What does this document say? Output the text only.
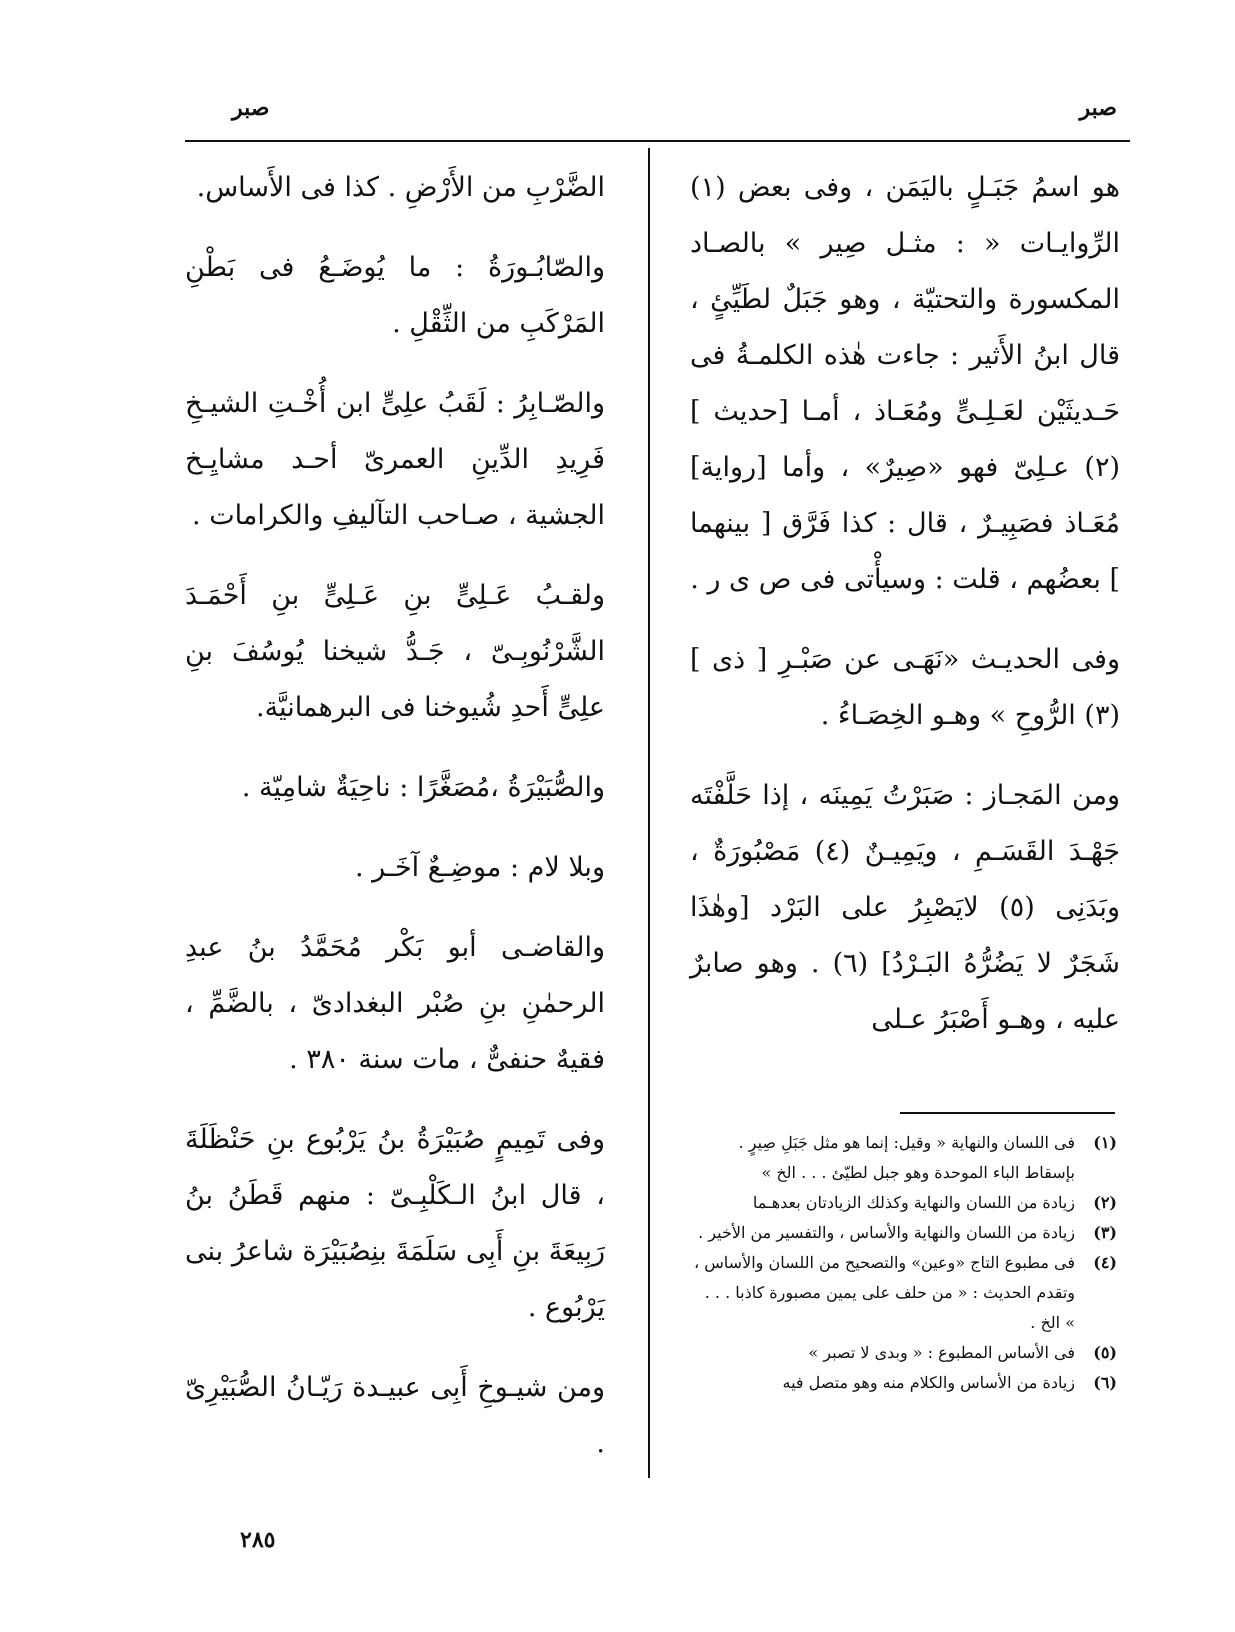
صبر
صبر

هو اسمُ جَبَـلٍ باليَمَن ، وفى بعض (١) الرِّوايـات « : مثـل صِير » بالصـاد المكسورة والتحتيّة ، وهو جَبَلٌ لطَيِّئٍ ، قال ابنُ الأَثير : جاءت هٰذه الكلمـةُ فى حَـديثَيْن لعَـلِـىٍّ ومُعَـاذ ، أمـا [حديث ] (٢) عـلِىّ فهو «صِيرٌ» ، وأما [رواية] مُعَـاذ فصَبِيـرٌ ، قال : كذا فَرَّق [ بينهما ] بعضُهم ، قلت : وسيأْتى فى ص ى ر .

وفى الحديـث «نَهَـى عن صَبْـرِ [ ذى ] (٣) الرُّوحِ » وهـو الخِصَـاءُ .

ومن المَجـاز : صَبَرْتُ يَمِينَه ، إذا حَلَّفْتَه جَهْـدَ القَسَـمِ ، ويَمِيـنٌ (٤) مَصْبُورَةٌ ، وبَدَنِى (٥) لايَصْبِرُ على البَرْد [وهٰذَا شَجَرٌ لا يَضُرُّهُ البَـرْدُ] (٦) . وهو صابرٌ عليه ، وهـو أَصْبَرُ عـلى

الضَّرْبِ من الأَرْضِ . كذا فى الأَساس.

والصّابُـورَةُ : ما يُوضَـعُ فى بَطْنِ المَرْكَبِ من الثِّقْلِ .

والصّـابِرُ : لَقَبُ علِىٍّ ابن أُخْـتِ الشيـخِ فَرِيدِ الدِّينِ العمرىّ أحـد مشايِـخ الجشية ، صـاحب التآليفِ والكرامات .

ولقـبُ عَـلِىٍّ بنِ عَـلِىٍّ بنِ أَحْمَـدَ الشَّرْنُوبِـىّ ، جَـدُّ شيخنا يُوسُفَ بنِ علِىٍّ أَحدِ شُيوخنا فى البرهمانيَّة.

والصُّبَيْرَةُ ،مُصَغَّرًا : ناحِيَةٌ شامِيّة .

وبلا لام : موضِـعٌ آخَـر .

والقاضـى أبو بَكْر مُحَمَّدُ بنُ عبدِ الرحمٰنِ بنِ صُبْر البغدادىّ ، بالضَّمِّ ، فقيهٌ حنفىٌّ ، مات سنة ٣٨٠ .

وفى تَمِيمٍ صُبَيْرَةُ بنُ يَرْبُوع بنِ حَنْظَلَةَ ، قال ابنُ الـكَلْبِـىّ : منهم قَطَنُ بنُ رَبِيعَةَ بنِ أَبِى سَلَمَةَ بنِصُبَيْرَة شاعرُ بنى يَرْبُوع .

ومن شيـوخِ أَبِى عبيـدة رَيّـانُ الصُّبَيْرِىّ .

(١)
فى اللسان والنهاية « وقيل: إنما هو مثل جَبَلِ صِيرٍ . بإسقاط الباء الموحدة وهو جبل لطيّئ . . . الخ »
(٢)
زيادة من اللسان والنهاية وكذلك الزيادتان بعدهـما
(٣)
زيادة من اللسان والنهاية والأساس ، والتفسير من الأخير .
(٤)
فى مطبوع التاج «وعين» والتصحيح من اللسان والأساس ، وتقدم الحديث : « من حلف على يمين مصبورة كاذبا . . . » الخ .
(٥)
فى الأساس المطبوع : « وبدى لا تصبر »
(٦)
زيادة من الأساس والكلام منه وهو متصل فيه
٢٨٥
